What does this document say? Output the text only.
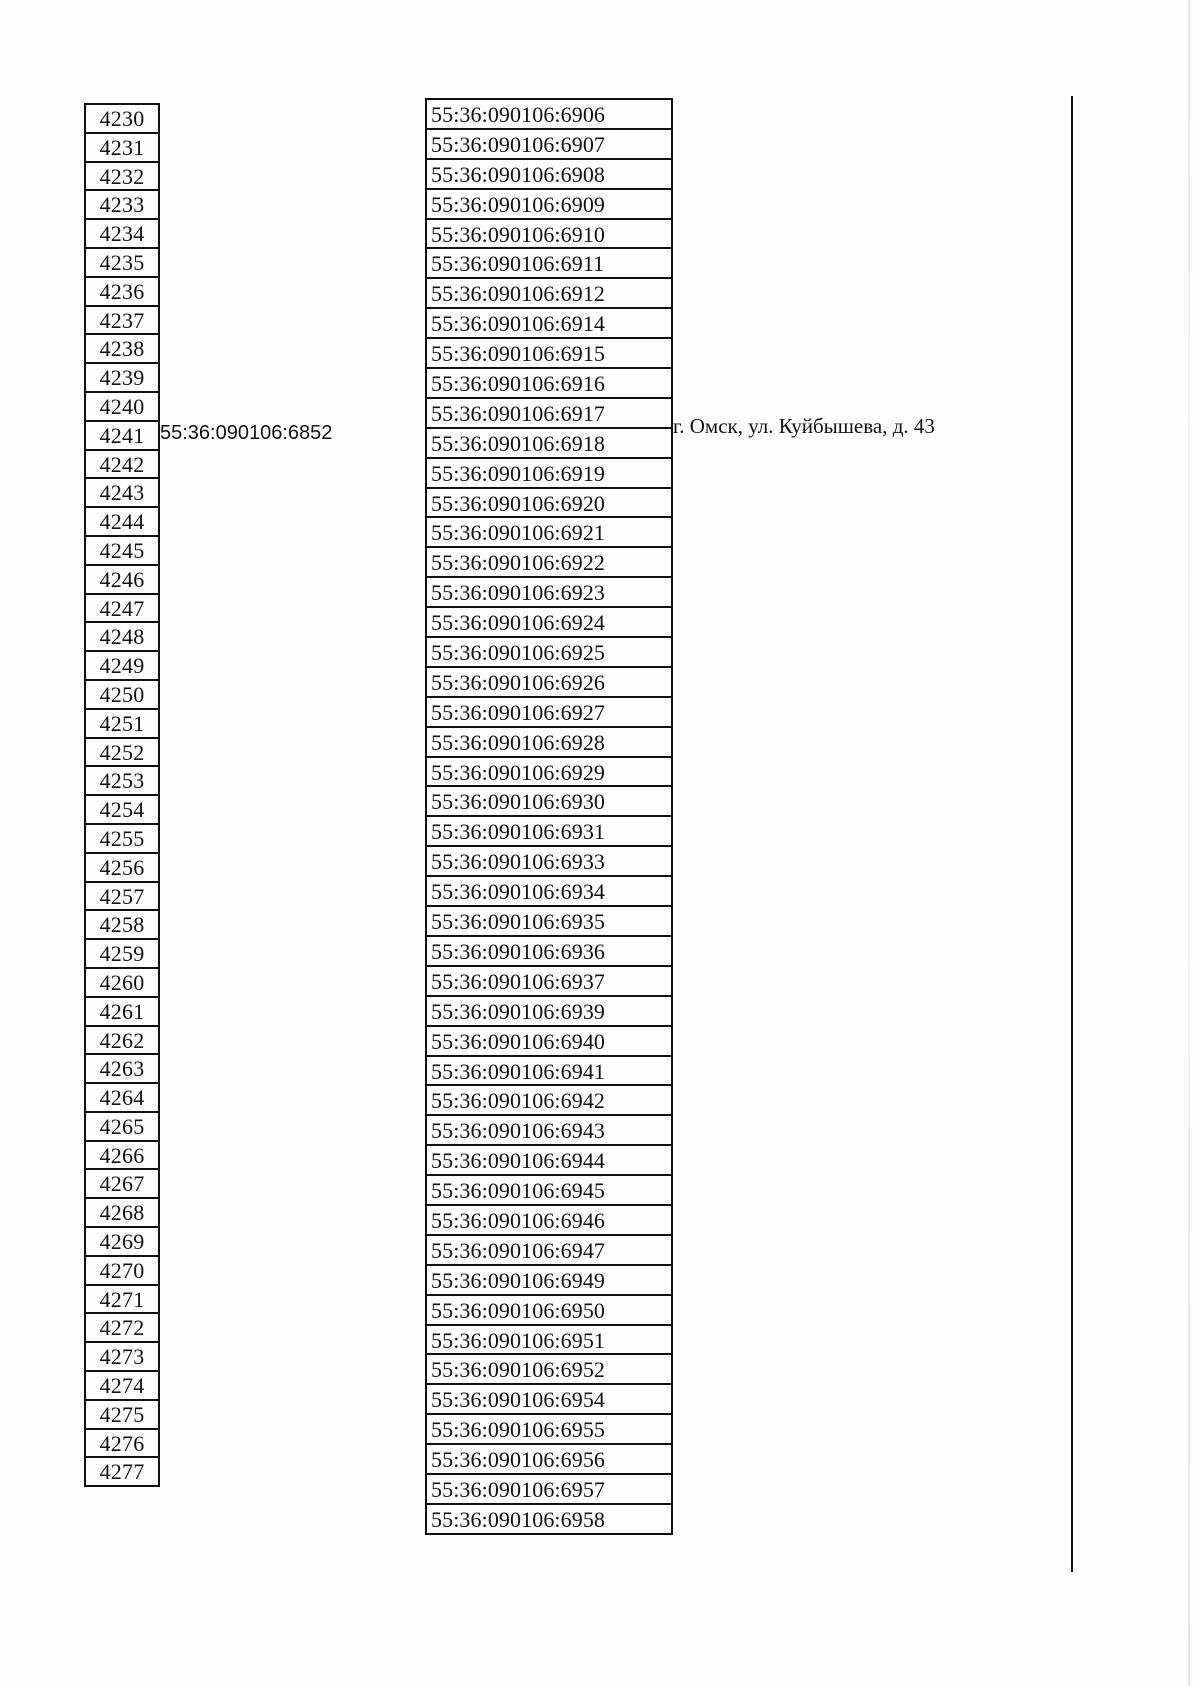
4230
4231
4232
4233
4234
4235
4236
4237
4238
4239
4240
4241
4242
4243
4244
4245
4246
4247
4248
4249
4250
4251
4252
4253
4254
4255
4256
4257
4258
4259
4260
4261
4262
4263
4264
4265
4266
4267
4268
4269
4270
4271
4272
4273
4274
4275
4276
4277
55:36:090106:6852
55:36:090106:6906
55:36:090106:6907
55:36:090106:6908
55:36:090106:6909
55:36:090106:6910
55:36:090106:6911
55:36:090106:6912
55:36:090106:6914
55:36:090106:6915
55:36:090106:6916
55:36:090106:6917
55:36:090106:6918
55:36:090106:6919
55:36:090106:6920
55:36:090106:6921
55:36:090106:6922
55:36:090106:6923
55:36:090106:6924
55:36:090106:6925
55:36:090106:6926
55:36:090106:6927
55:36:090106:6928
55:36:090106:6929
55:36:090106:6930
55:36:090106:6931
55:36:090106:6933
55:36:090106:6934
55:36:090106:6935
55:36:090106:6936
55:36:090106:6937
55:36:090106:6939
55:36:090106:6940
55:36:090106:6941
55:36:090106:6942
55:36:090106:6943
55:36:090106:6944
55:36:090106:6945
55:36:090106:6946
55:36:090106:6947
55:36:090106:6949
55:36:090106:6950
55:36:090106:6951
55:36:090106:6952
55:36:090106:6954
55:36:090106:6955
55:36:090106:6956
55:36:090106:6957
55:36:090106:6958
г. Омск, ул. Куйбышева, д. 43
